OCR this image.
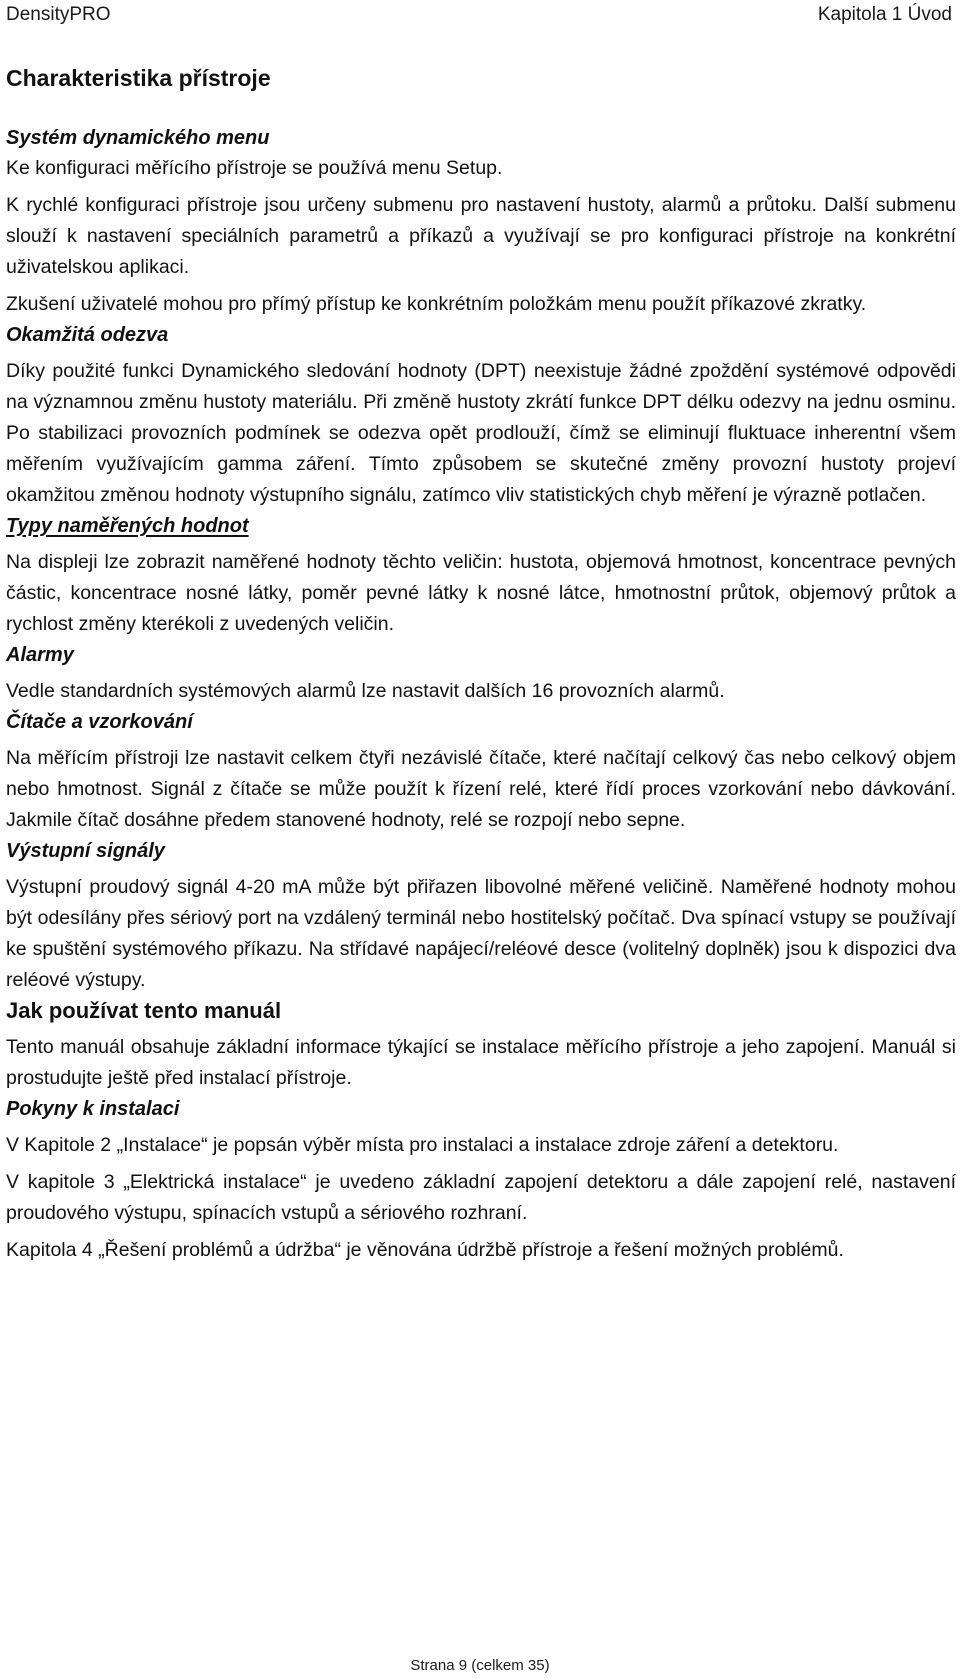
DensityPRO	Kapitola 1 Úvod
Charakteristika přístroje
Systém dynamického menu

Ke konfiguraci měřícího přístroje se používá menu Setup.

K rychlé konfiguraci přístroje jsou určeny submenu pro nastavení hustoty, alarmů a průtoku. Další submenu slouží k nastavení speciálních parametrů a příkazů a využívají se pro konfiguraci přístroje na konkrétní uživatelskou aplikaci.

Zkušení uživatelé mohou pro přímý přístup ke konkrétním položkám menu použít příkazové zkratky.

Okamžitá odezva

Díky použité funkci Dynamického sledování hodnoty (DPT) neexistuje žádné zpoždění systémové odpovědi na významnou změnu hustoty materiálu. Při změně hustoty zkrátí funkce DPT délku odezvy na jednu osminu. Po stabilizaci provozních podmínek se odezva opět prodlouží, čímž se eliminují fluktuace inherentní všem měřením využívajícím gamma záření. Tímto způsobem se skutečné změny provozní hustoty projeví okamžitou změnou hodnoty výstupního signálu, zatímco vliv statistických chyb měření je výrazně potlačen.

Typy naměřených hodnot

Na displeji lze zobrazit naměřené hodnoty těchto veličin: hustota, objemová hmotnost, koncentrace pevných částic, koncentrace nosné látky, poměr pevné látky k nosné látce, hmotnostní průtok, objemový průtok a rychlost změny kterékoli z uvedených veličin.

Alarmy

Vedle standardních systémových alarmů lze nastavit dalších 16 provozních alarmů.

Čítače a vzorkování

Na měřícím přístroji lze nastavit celkem čtyři nezávislé čítače, které načítají celkový čas nebo celkový objem nebo hmotnost. Signál z čítače se může použít k řízení relé, které řídí proces vzorkování nebo dávkování. Jakmile čítač dosáhne předem stanovené hodnoty, relé se rozpojí nebo sepne.

Výstupní signály

Výstupní proudový signál 4-20 mA může být přiřazen libovolné měřené veličině. Naměřené hodnoty mohou být odesílány přes sériový port na vzdálený terminál nebo hostitelský počítač. Dva spínací vstupy se používají ke spuštění systémového příkazu. Na střídavé napájecí/reléové desce (volitelný doplněk) jsou k dispozici dva reléové výstupy.

Jak používat tento manuál

Tento manuál obsahuje základní informace týkající se instalace měřícího přístroje a jeho zapojení. Manuál si prostudujte ještě před instalací přístroje.

Pokyny k instalaci

V Kapitole 2 „Instalace“ je popsán výběr místa pro instalaci a instalace zdroje záření a detektoru.

V kapitole 3 „Elektrická instalace“ je uvedeno základní zapojení detektoru a dále zapojení relé, nastavení proudového výstupu, spínacích vstupů a sériového rozhraní.

Kapitola 4 „Řešení problémů a údržba“ je věnována údržbě přístroje a řešení možných problémů.

Strana 9 (celkem 35)
